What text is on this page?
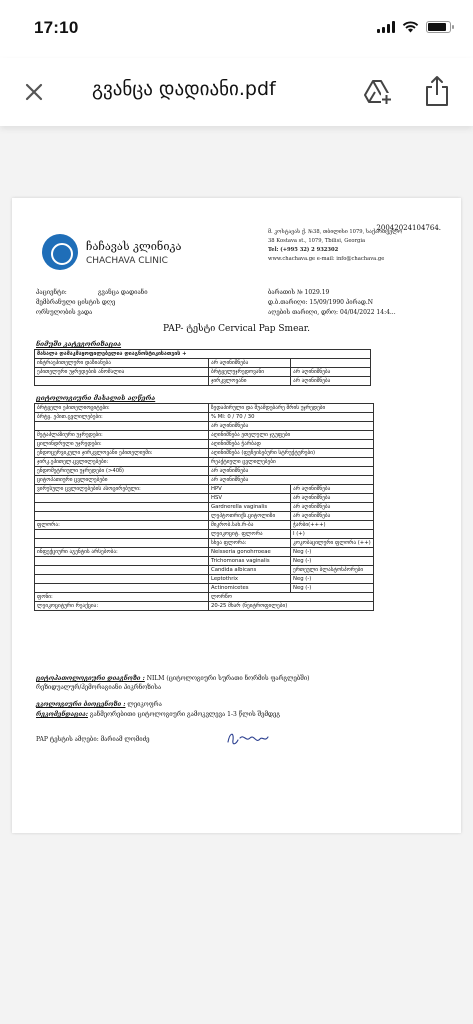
17:10
გვანცა დადიანი.pdf
20042024104764.
ჩაჩავას კლინიკა
CHACHAVA CLINIC
მ. კოსტავას ქ. №38, თბილისი 1079, საქართველო
38 Kostava st., 1079, Tbilisi, Georgia
Tel: (+995 32) 2 932302
www.chachava.ge e-mail: info@chachava.ge
პაციენტი:	გვანცა დადიანი	ბარათის № 1029.19
მემბრანული ცისტის დღე	დ.ბ.თარიღი: 15/09/1990 პირად.N
ორსულობის ვადა	აღების თარიღი, დრო: 04/04/2022 14:4...
PAP- ტესტი Cervical Pap Smear.
ნიმუში კატეგორიზაცია
მასალა დამაკმაყოფილებელია დიაგნოსტიკისათვის +		
ინტრაეპითელური დაზიანება	არ აღინიშნება	
ეპითელური უჯრედების ანომალია	ბრტყელუჯრედოვანი	არ აღინიშნება
	ჯირკვლოვანი	არ აღინიშნება
ციტოლოგიური მასალის აღწერა
ბრტყელი ეპითელიოციტები:	ზედაპირული და შუამდებარე შრის უჯრედები	
ბრტყ. ეპით.ცვლილებები:	% MI: 0 / 70 / 30	
	არ აღინიშნება	
მეტაპლაზიური უჯრედები:	აღინიშნება ეთელული ჯგუფები	
ცილინდრული უჯრედები:	აღინიშნება ჭარბად	
ენდოცერვიკული ჯირკვლოვანი ეპითელიუმი:	აღინიშნება (ფუჩეისებური სტრუქტურები)	
ჯირკ.ეპითელ.ცვლილებები:	რეაქტიული ცვლილებები	
ენდომეტრიული უჯრედები (>40წ)	არ აღინიშნება	
ციტოპათიური ცვლილებები	არ აღინიშნება	
ვირუსული ცვლილებების ასოცირებული:	HPV	არ აღინიშნება
	HSV	არ აღინიშნება
	Gardnerella vaginalis	არ აღინიშნება
	ლეპტოთრიქს.ციტოლიზი	არ აღინიშნება
ფლორა:	მიკრობ.სახ.რ-ბა	ჭარბი(+++)
	ლეიკოციტ. ფლორა	I (+)
	სხვა ფლორა:	კოკობაცილური ფლორა (++)
ინფექციური აგენტის არსებობა:	Neisseria gonohrroeae	Neg (-)
	Trichomonas vaginalis	Neg (-)
	Candida albicans	ერთეული ბლასტოსპორები
	Leptothrix	Neg (-)
	Actinomicetes	Neg (-)
ფონი:	ლორწო	
ლეიკოციტური რეაქცია:	20-25 მხარ (ნეიტროფილები)	
ციტოპათოლოგიური დიაგნოზი : NILM (ციტოლოგიური სურათი ნორმის ფარგლებში)
რეზიდუალურ/ჰემორაგიანი პიკრნოზისა
ეკოლოგიური ბიოცენოზი : ლეიკოფრა
რეკომენდაცია: განმეორებითი ციტოლოგიური გამოკვლევა 1-3 წლის შემდეგ
PAP ტესტის ამღები: მარიამ ლომიძე
